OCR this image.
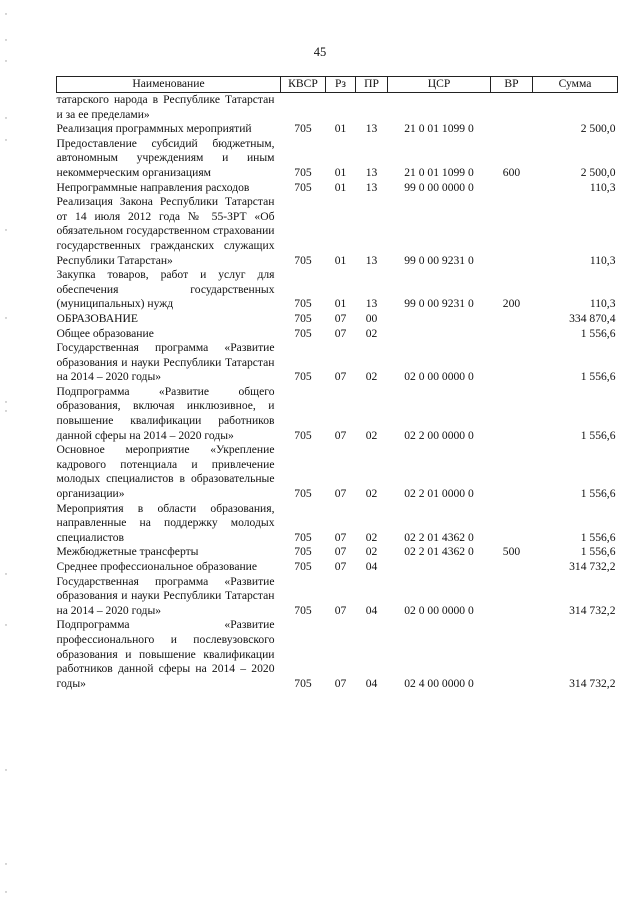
45
Наименование	КВСР	Рз	ПР	ЦСР	ВР	Сумма
татарского народа в Республике Татарстан и за ее пределами»						
Реализация программных мероприятий	705	01	13	21 0 01 1099 0		2 500,0
Предоставление субсидий бюджетным, автономным учреждениям и иным некоммерческим организациям	705	01	13	21 0 01 1099 0	600	2 500,0
Непрограммные направления расходов	705	01	13	99 0 00 0000 0		110,3
Реализация Закона Республики Татарстан от 14 июля 2012 года № 55-ЗРТ «Об обязательном государственном страховании государственных гражданских служащих Республики Татарстан»	705	01	13	99 0 00 9231 0		110,3
Закупка товаров, работ и услуг для обеспечения государственных (муниципальных) нужд	705	01	13	99 0 00 9231 0	200	110,3
ОБРАЗОВАНИЕ	705	07	00			334 870,4
Общее образование	705	07	02			1 556,6
Государственная программа «Развитие образования и науки Республики Татарстан на 2014 – 2020 годы»	705	07	02	02 0 00 0000 0		1 556,6
Подпрограмма «Развитие общего образования, включая инклюзивное, и повышение квалификации работников данной сферы на 2014 – 2020 годы»	705	07	02	02 2 00 0000 0		1 556,6
Основное мероприятие «Укрепление кадрового потенциала и привлечение молодых специалистов в образовательные организации»	705	07	02	02 2 01 0000 0		1 556,6
Мероприятия в области образования, направленные на поддержку молодых специалистов	705	07	02	02 2 01 4362 0		1 556,6
Межбюджетные трансферты	705	07	02	02 2 01 4362 0	500	1 556,6
Среднее профессиональное образование	705	07	04			314 732,2
Государственная программа «Развитие образования и науки Республики Татарстан на 2014 – 2020 годы»	705	07	04	02 0 00 0000 0		314 732,2
Подпрограмма «Развитие профессионального и послевузовского образования и повышение квалификации работников данной сферы на 2014 – 2020 годы»	705	07	04	02 4 00 0000 0		314 732,2
